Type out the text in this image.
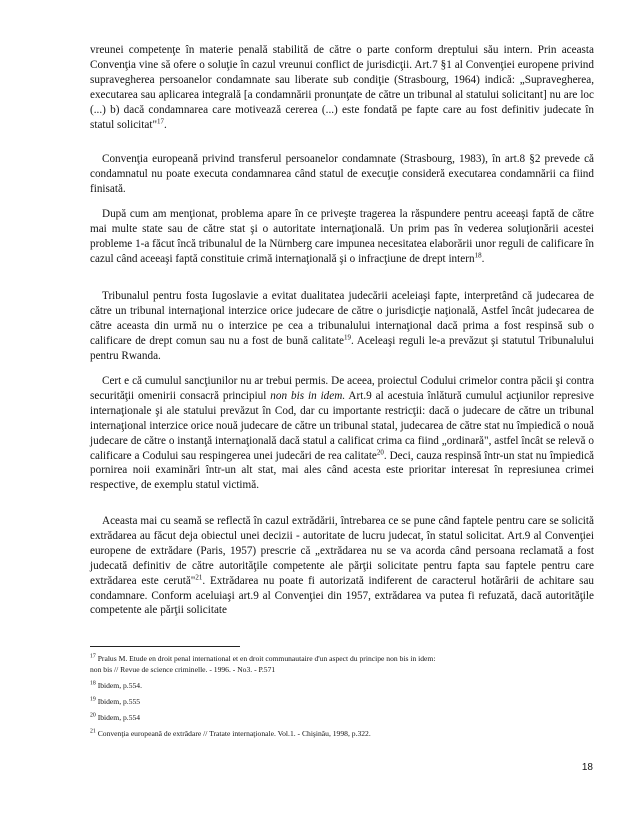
vreunei competenţe în materie penală stabilită de către o parte conform dreptului său intern. Prin aceasta Convenţia vine să ofere o soluţie în cazul vreunui conflict de jurisdicţii. Art.7 §1 al Convenţiei europene privind supravegherea persoanelor condamnate sau liberate sub condiţie (Strasbourg, 1964) indică: „Supravegherea, executarea sau aplicarea integrală [a condamnării pronunţate de către un tribunal al statului solicitant] nu are loc (...) b) dacă condamnarea care motivează cererea (...) este fondată pe fapte care au fost definitiv judecate în statul solicitat"$^{17}$.

Convenţia europeană privind transferul persoanelor condamnate (Strasbourg, 1983), în art.8 §2 prevede că condamnatul nu poate executa condamnarea când statul de execuţie consideră executarea condamnării ca fiind finisată.

După cum am menţionat, problema apare în ce priveşte tragerea la răspundere pentru aceeaşi faptă de către mai multe state sau de către stat şi o autoritate internaţională. Un prim pas în vederea soluţionării acestei probleme 1-a făcut încă tribunalul de la Nürnberg care impunea necesitatea elaborării unor reguli de calificare în cazul când aceeaşi faptă constituie crimă internaţională şi o infracţiune de drept intern$^{18}$.

Tribunalul pentru fosta Iugoslavie a evitat dualitatea judecării aceleiaşi fapte, interpretând că judecarea de către un tribunal internaţional interzice orice judecare de către o jurisdicţie naţională, Astfel încât judecarea de către aceasta din urmă nu o interzice pe cea a tribunalului internaţional dacă prima a fost respinsă sub o calificare de drept comun sau nu a fost de bună calitate$^{19}$. Aceleaşi reguli le-a prevăzut şi statutul Tribunalului pentru Rwanda.

Cert e că cumulul sancţiunilor nu ar trebui permis. De aceea, proiectul Codului crimelor contra păcii şi contra securităţii omenirii consacră principiul non bis in idem. Art.9 al acestuia înlătură cumulul acţiunilor represive internaţionale şi ale statului prevăzut în Cod, dar cu importante restricţii: dacă o judecare de către un tribunal internaţional interzice orice nouă judecare de către un tribunal statal, judecarea de către stat nu împiedică o nouă judecare de către o instanţă internaţională dacă statul a calificat crima ca fiind „ordinară", astfel încât se relevă o calificare a Codului sau respingerea unei judecări de rea calitate$^{20}$. Deci, cauza respinsă într-un stat nu împiedică pornirea noii examinări într-un alt stat, mai ales când acesta este prioritar interesat în represiunea crimei respective, de exemplu statul victimă.

Aceasta mai cu seamă se reflectă în cazul extrădării, întrebarea ce se pune când faptele pentru care se solicită extrădarea au făcut deja obiectul unei decizii - autoritate de lucru judecat, în statul solicitat. Art.9 al Convenţiei europene de extrădare (Paris, 1957) prescrie că „extrădarea nu se va acorda când persoana reclamată a fost judecată definitiv de către autorităţile competente ale părţii solicitate pentru fapta sau faptele pentru care extrădarea este cerută"$^{21}$. Extrădarea nu poate fi autorizată indiferent de caracterul hotărârii de achitare sau condamnare. Conform aceluiaşi art.9 al Convenţiei din 1957, extrădarea va putea fi refuzată, dacă autorităţile competente ale părţii solicitate

$^{17}$ Pralus M. Etude en droit penal international et en droit communautaire d'un aspect du principe non bis in idem:
non bis // Revue de science criminelle. - 1996. - No3. - P.571

$^{18}$ Ibidem, p.554.

$^{19}$ Ibidem, p.555

$^{20}$ Ibidem, p.554

$^{21}$ Convenţia europeană de extrădare // Tratate internaţionale. Vol.1. - Chişinău, 1998, p.322.

18
